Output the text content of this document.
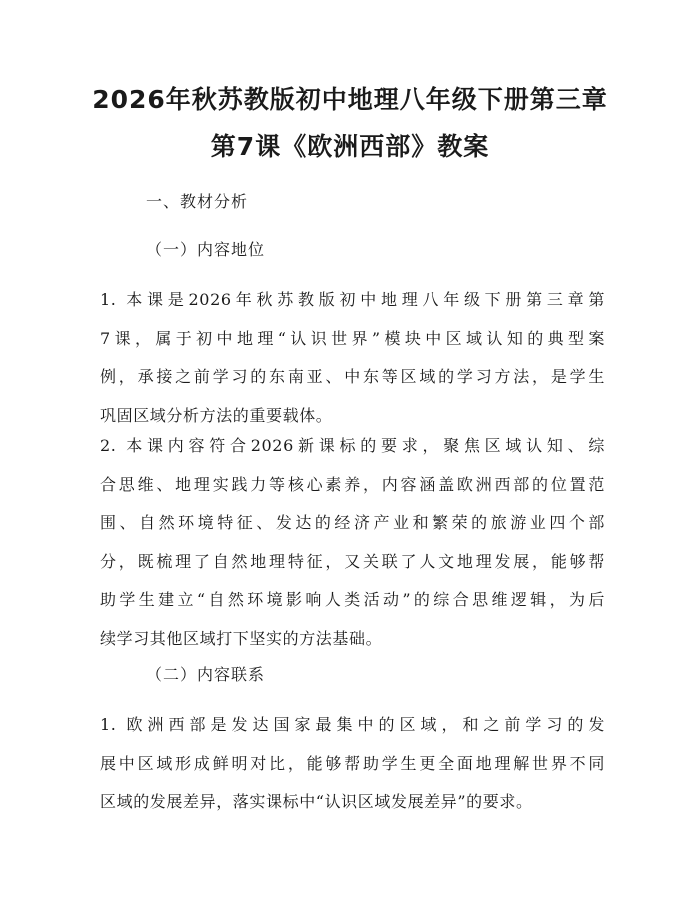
2026年秋苏教版初中地理八年级下册第三章
第7课《欧洲西部》教案
一、教材分析
（一）内容地位
1. 本课是2026年秋苏教版初中地理八年级下册第三章第
7课，属于初中地理“认识世界”模块中区域认知的典型案
例，承接之前学习的东南亚、中东等区域的学习方法，是学生
巩固区域分析方法的重要载体。
2. 本课内容符合2026新课标的要求，聚焦区域认知、综
合思维、地理实践力等核心素养，内容涵盖欧洲西部的位置范
围、自然环境特征、发达的经济产业和繁荣的旅游业四个部
分，既梳理了自然地理特征，又关联了人文地理发展，能够帮
助学生建立“自然环境影响人类活动”的综合思维逻辑，为后
续学习其他区域打下坚实的方法基础。
（二）内容联系
1. 欧洲西部是发达国家最集中的区域，和之前学习的发
展中区域形成鲜明对比，能够帮助学生更全面地理解世界不同
区域的发展差异，落实课标中“认识区域发展差异”的要求。
